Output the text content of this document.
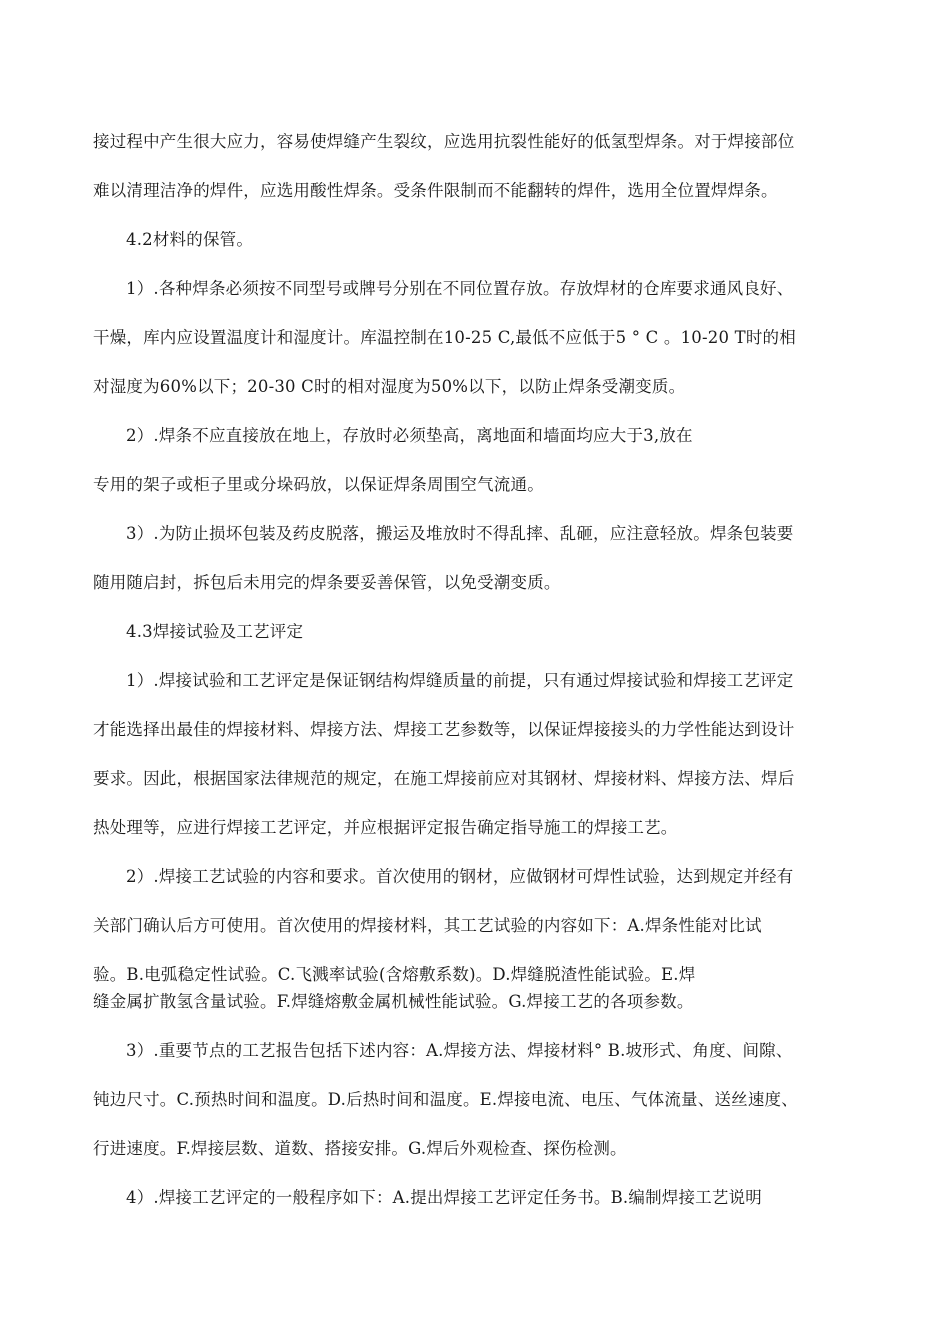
接过程中产生很大应力，容易使焊缝产生裂纹，应选用抗裂性能好的低氢型焊条。对于焊接部位
难以清理洁净的焊件，应选用酸性焊条。受条件限制而不能翻转的焊件，选用全位置焊焊条。
4.2材料的保管。
1）.各种焊条必须按不同型号或牌号分别在不同位置存放。存放焊材的仓库要求通风良好、
干燥，库内应设置温度计和湿度计。库温控制在10-25 C,最低不应低于5 ° C 。10-20 T时的相
对湿度为60%以下；20-30 C时的相对湿度为50%以下，以防止焊条受潮变质。
2）.焊条不应直接放在地上，存放时必须垫高，离地面和墙面均应大于3,放在
专用的架子或柜子里或分垛码放，以保证焊条周围空气流通。
3）.为防止损坏包装及药皮脱落，搬运及堆放时不得乱摔、乱砸，应注意轻放。焊条包装要
随用随启封，拆包后未用完的焊条要妥善保管，以免受潮变质。
4.3焊接试验及工艺评定
1）.焊接试验和工艺评定是保证钢结构焊缝质量的前提，只有通过焊接试验和焊接工艺评定
才能选择出最佳的焊接材料、焊接方法、焊接工艺参数等，以保证焊接接头的力学性能达到设计
要求。因此，根据国家法律规范的规定，在施工焊接前应对其钢材、焊接材料、焊接方法、焊后
热处理等，应进行焊接工艺评定，并应根据评定报告确定指导施工的焊接工艺。
2）.焊接工艺试验的内容和要求。首次使用的钢材，应做钢材可焊性试验，达到规定并经有
关部门确认后方可使用。首次使用的焊接材料，其工艺试验的内容如下：A.焊条性能对比试
验。B.电弧稳定性试验。C.飞溅率试验(含熔敷系数)。D.焊缝脱渣性能试验。E.焊
缝金属扩散氢含量试验。F.焊缝熔敷金属机械性能试验。G.焊接工艺的各项参数。
3）.重要节点的工艺报告包括下述内容：A.焊接方法、焊接材料° B.坡形式、角度、间隙、
钝边尺寸。C.预热时间和温度。D.后热时间和温度。E.焊接电流、电压、气体流量、送丝速度、
行进速度。F.焊接层数、道数、搭接安排。G.焊后外观检查、探伤检测。
4）.焊接工艺评定的一般程序如下：A.提出焊接工艺评定任务书。B.编制焊接工艺说明
